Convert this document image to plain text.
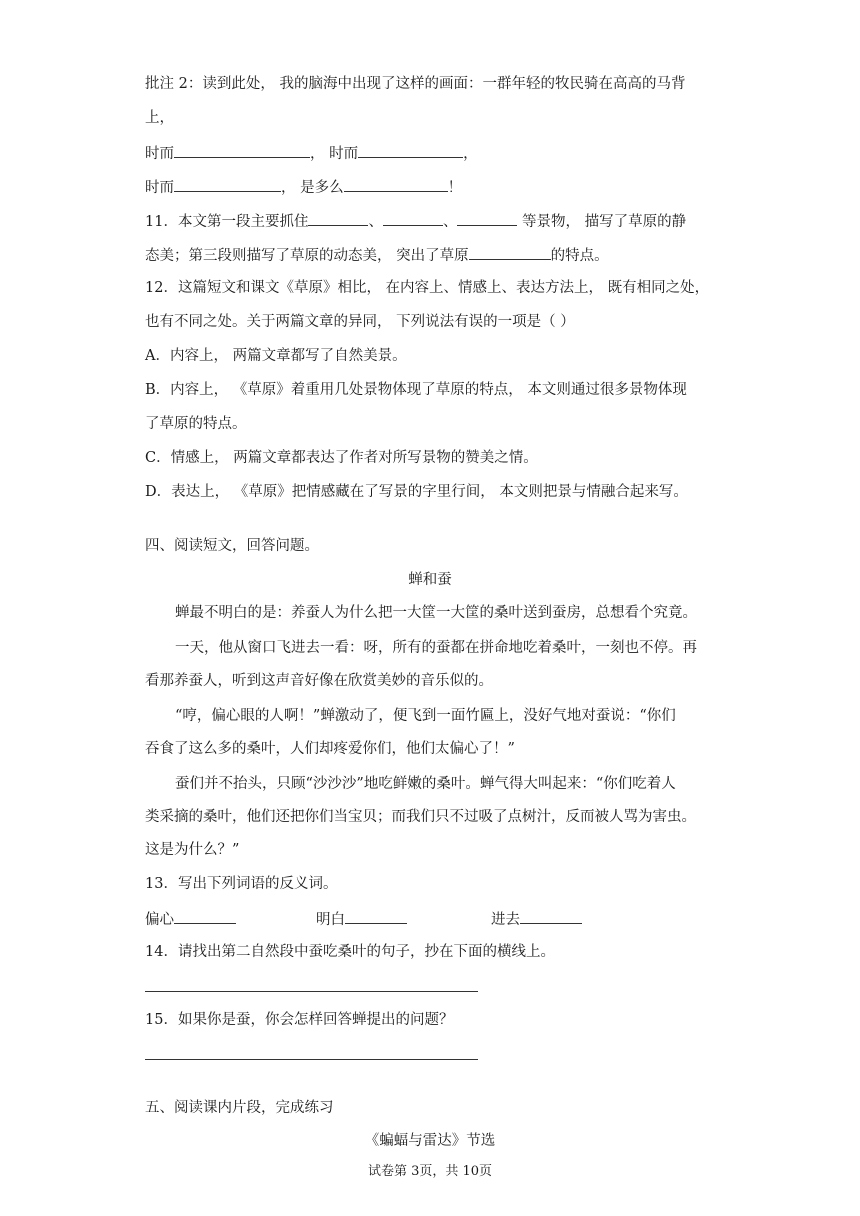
批注 2：读到此处， 我的脑海中出现了这样的画面：一群年轻的牧民骑在高高的马背
上，
时而	， 时而	，
时而	， 是多么	！
11．本文第一段主要抓住	、	、	等景物， 描写了草原的静
态美；第三段则描写了草原的动态美， 突出了草原	的特点。
12．这篇短文和课文《草原》相比， 在内容上、情感上、表达方法上， 既有相同之处，
也有不同之处。关于两篇文章的异同， 下列说法有误的一项是（ ）
A．内容上， 两篇文章都写了自然美景。
B．内容上， 《草原》着重用几处景物体现了草原的特点， 本文则通过很多景物体现
了草原的特点。
C．情感上， 两篇文章都表达了作者对所写景物的赞美之情。
D．表达上， 《草原》把情感藏在了写景的字里行间， 本文则把景与情融合起来写。
四、阅读短文，回答问题。
蝉和蚕
蝉最不明白的是：养蚕人为什么把一大筐一大筐的桑叶送到蚕房，总想看个究竟。
一天，他从窗口飞进去一看：呀，所有的蚕都在拼命地吃着桑叶，一刻也不停。再
看那养蚕人，听到这声音好像在欣赏美妙的音乐似的。
“哼，偏心眼的人啊！”蝉激动了，便飞到一面竹匾上，没好气地对蚕说：“你们
吞食了这么多的桑叶，人们却疼爱你们，他们太偏心了！”
蚕们并不抬头，只顾“沙沙沙”地吃鲜嫩的桑叶。蝉气得大叫起来：“你们吃着人
类采摘的桑叶，他们还把你们当宝贝；而我们只不过吸了点树汁，反而被人骂为害虫。
这是为什么？”
13．写出下列词语的反义词。
偏心	明白	进去
14．请找出第二自然段中蚕吃桑叶的句子，抄在下面的横线上。
15．如果你是蚕，你会怎样回答蝉提出的问题？
五、阅读课内片段，完成练习
《蝙蝠与雷达》节选
试卷第 3页，共 10页
